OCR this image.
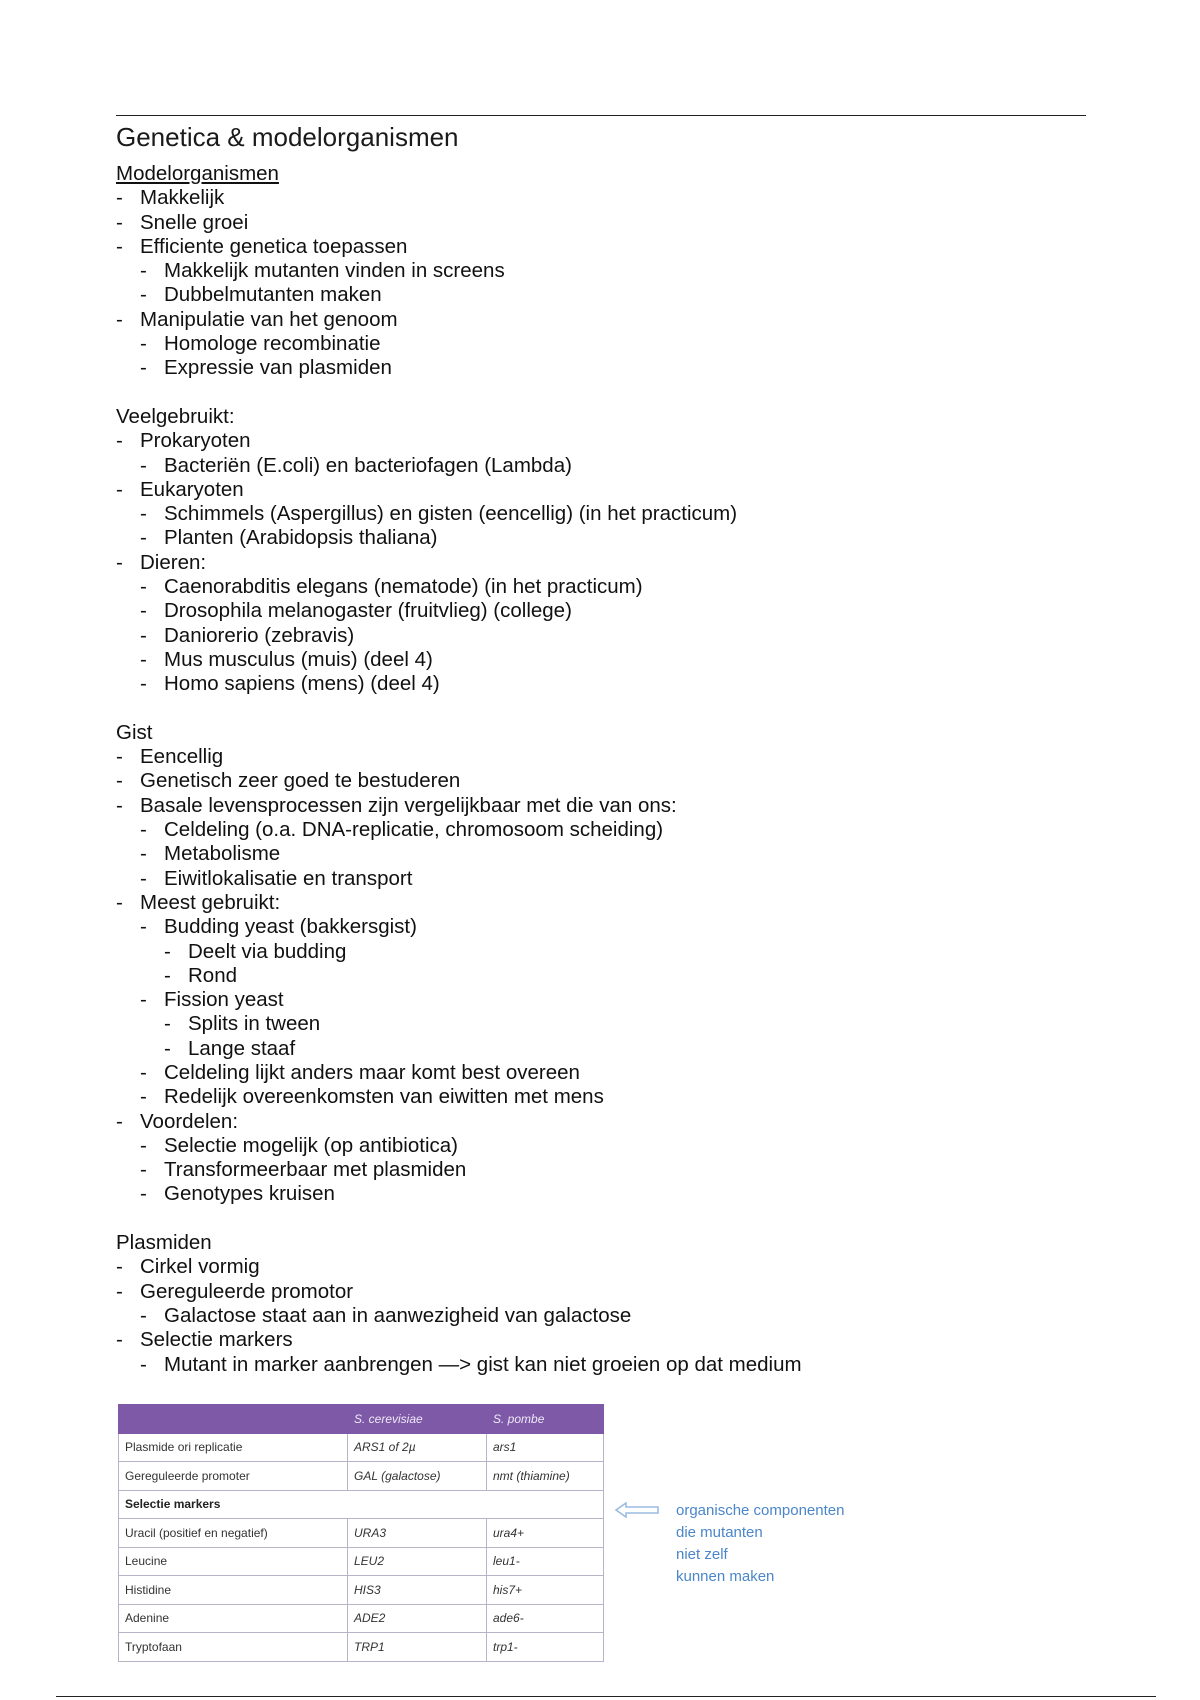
Genetica & modelorganismen
Modelorganismen
- Makkelijk
- Snelle groei
- Efficiente genetica toepassen
- Makkelijk mutanten vinden in screens
- Dubbelmutanten maken
- Manipulatie van het genoom
- Homologe recombinatie
- Expressie van plasmiden
Veelgebruikt:
- Prokaryoten
- Bacteriën (E.coli) en bacteriofagen (Lambda)
- Eukaryoten
- Schimmels (Aspergillus) en gisten (eencellig) (in het practicum)
- Planten (Arabidopsis thaliana)
- Dieren:
- Caenorabditis elegans (nematode) (in het practicum)
- Drosophila melanogaster (fruitvlieg) (college)
- Daniorerio (zebravis)
- Mus musculus (muis) (deel 4)
- Homo sapiens (mens) (deel 4)
Gist
- Eencellig
- Genetisch zeer goed te bestuderen
- Basale levensprocessen zijn vergelijkbaar met die van ons:
- Celdeling (o.a. DNA-replicatie, chromosoom scheiding)
- Metabolisme
- Eiwitlokalisatie en transport
- Meest gebruikt:
- Budding yeast (bakkersgist)
- Deelt via budding
- Rond
- Fission yeast
- Splits in tween
- Lange staaf
- Celdeling lijkt anders maar komt best overeen
- Redelijk overeenkomsten van eiwitten met mens
- Voordelen:
- Selectie mogelijk (op antibiotica)
- Transformeerbaar met plasmiden
- Genotypes kruisen
Plasmiden
- Cirkel vormig
- Gereguleerde promotor
- Galactose staat aan in aanwezigheid van galactose
- Selectie markers
- Mutant in marker aanbrengen —> gist kan niet groeien op dat medium
	S. cerevisiae	S. pombe
Plasmide ori replicatie	ARS1 of 2µ	ars1
Gereguleerde promoter	GAL (galactose)	nmt (thiamine)
Selectie markers		
Uracil (positief en negatief)	URA3	ura4+
Leucine	LEU2	leu1-
Histidine	HIS3	his7+
Adenine	ADE2	ade6-
Tryptofaan	TRP1	trp1-
organische componenten
die mutanten
niet zelf
kunnen maken
